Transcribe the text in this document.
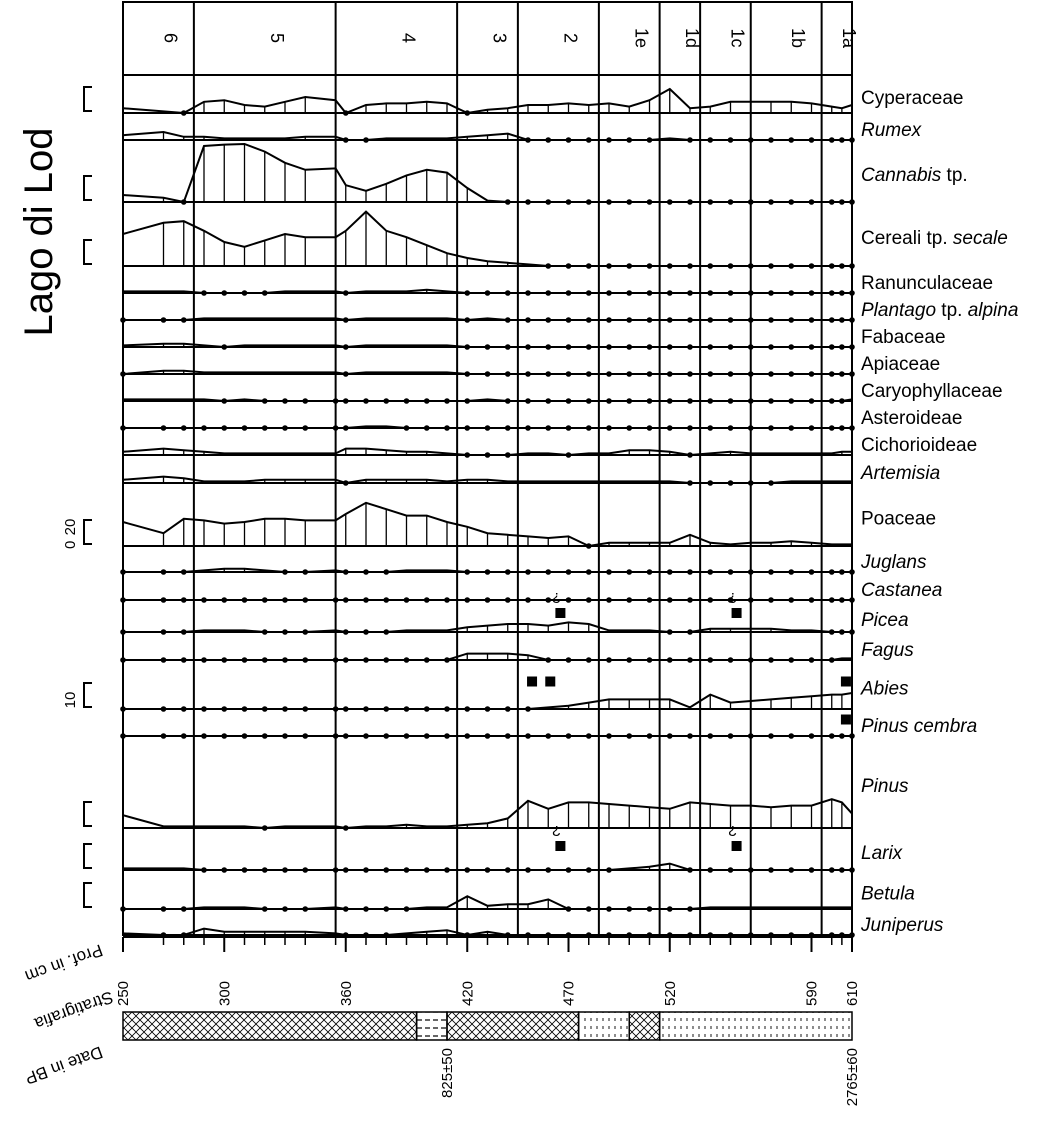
Lago di Lod
Prof. in cm
Stratigrafia
Date in BP
0
20
10
6	5	4	3	2	1e 1d 1c 1b 1a
?	?
?	?
Cyperaceae
Rumex
Cannabis tp.
Cereali tp. secale
Ranunculaceae
Plantago tp. alpina
Fabaceae
Apiaceae
Caryophyllaceae
Asteroideae
Cichorioideae
Artemisia
Poaceae
Juglans
Castanea
Picea
Fagus
Abies
Pinus cembra
Pinus
Larix
Betula
Juniperus
250	300	360	420	470	520	590 610
825±50	2765±60
